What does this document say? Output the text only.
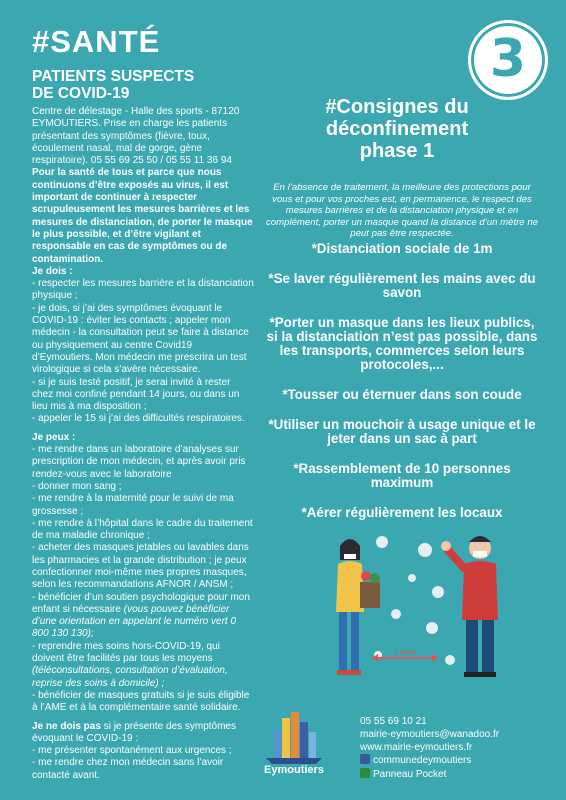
#SANTÉ	3
PATIENTS SUSPECTS
DE COVID-19

Centre de délestage - Halle des sports - 87120 EYMOUTIERS. Prise en charge les patients présentant des symptômes (fièvre, toux, écoulement nasal, mal de gorge, gène respiratoire). 05 55 69 25 50 / 05 55 11 36 94

Pour la santé de tous et parce que nous continuons d’être exposés au virus, il est important de continuer à respecter scrupuleusement les mesures barrières et les mesures de distanciation, de porter le masque le plus possible, et d’être vigilant et responsable en cas de symptômes ou de contamination.

Je dois :

- respecter les mesures barrière et la distanciation physique ;

- je dois, si j’ai des symptômes évoquant le COVID-19 : éviter les contacts ; appeler mon médecin - la consultation peut se faire à distance ou physiquement au centre Covid19 d’Eymoutiers. Mon médecin me prescrira un test virologique si cela s’avère nécessaire.

- si je suis testé positif, je serai invité à rester chez moi confiné pendant 14 jours, ou dans un lieu mis à ma disposition ;

- appeler le 15 si j’ai des difficultés respiratoires.

Je peux :

- me rendre dans un laboratoire d’analyses sur prescription de mon médecin, et après avoir pris rendez-vous avec le laboratoire

- donner mon sang ;

- me rendre à la maternité pour le suivi de ma grossesse ;

- me rendre à l’hôpital dans le cadre du traitement de ma maladie chronique ;

- acheter des masques jetables ou lavables dans les pharmacies et la grande distribution ; je peux confectionner moi-même mes propres masques, selon les recommandations AFNOR / ANSM ;

- bénéficier d’un soutien psychologique pour mon enfant si nécessaire (vous pouvez bénéficier d’une orientation en appelant le numéro vert 0 800 130 130);

- reprendre mes soins hors-COVID-19, qui doivent être facilités par tous les moyens (téléconsultations, consultation d’évaluation, reprise des soins à domicile) ;

- bénéficier de masques gratuits si je suis éligible à l’AME et à la complémentaire santé solidaire.

Je ne dois pas si je présente des symptômes évoquant le COVID-19 :

- me présenter spontanément aux urgences ;

- me rendre chez mon médecin sans l’avoir contacté avant.

#Consignes du
déconfinement
phase 1
En l’absence de traitement, la meilleure des protections pour vous et pour vos proches est, en permanence, le respect des mesures barrières et de la distanciation physique et en complément, porter un masque quand la distance d’un mètre ne peut pas être respectée.
*Distanciation sociale de 1m
*Se laver régulièrement les mains avec du savon
*Porter un masque dans les lieux publics, si la distanciation n’est pas possible, dans les transports, commerces selon leurs protocoles,...
*Tousser ou éternuer dans son coude
*Utiliser un mouchoir à usage unique et le jeter dans un sac à part
*Rassemblement de 10 personnes maximum
*Aérer régulièrement les locaux
1 mètre
Eymoutiers
05 55 69 10 21
mairie-eymoutiers@wanadoo.fr
www.mairie-eymoutiers.fr
communedeymoutiers
Panneau Pocket
